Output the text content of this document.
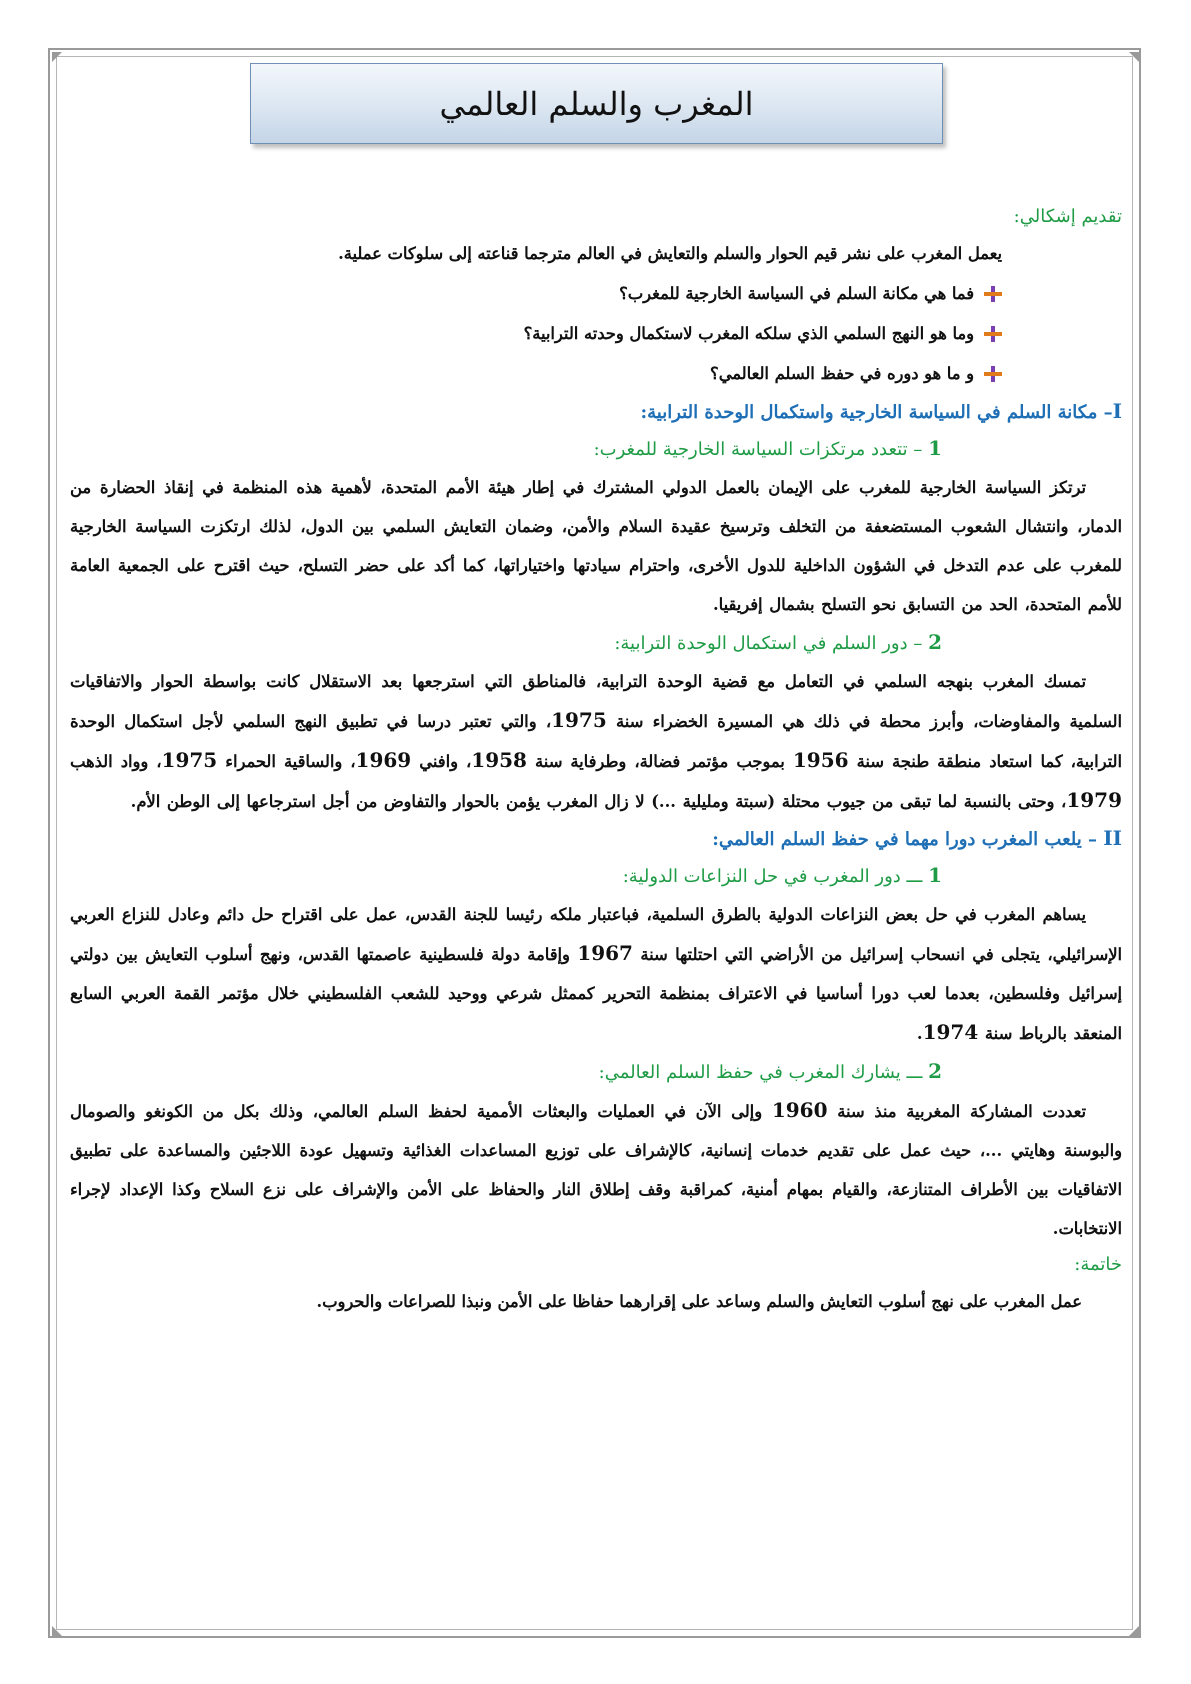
المغرب والسلم العالمي

تقديم إشكالي:

يعمل المغرب على نشر قيم الحوار والسلم والتعايش في العالم مترجما قناعته إلى سلوكات عملية.

فما هي مكانة السلم في السياسة الخارجية للمغرب؟
وما هو النهج السلمي الذي سلكه المغرب لاستكمال وحدته الترابية؟
و ما هو دوره في حفظ السلم العالمي؟

I– مكانة السلم في السياسة الخارجية واستكمال الوحدة الترابية:

1 – تتعدد مرتكزات السياسة الخارجية للمغرب:

ترتكز السياسة الخارجية للمغرب على الإيمان بالعمل الدولي المشترك في إطار هيئة الأمم المتحدة، لأهمية هذه المنظمة في إنقاذ الحضارة من الدمار، وانتشال الشعوب المستضعفة من التخلف وترسيخ عقيدة السلام والأمن، وضمان التعايش السلمي بين الدول، لذلك ارتكزت السياسة الخارجية للمغرب على عدم التدخل في الشؤون الداخلية للدول الأخرى، واحترام سيادتها واختياراتها، كما أكد على حضر التسلح، حيث اقترح على الجمعية العامة للأمم المتحدة، الحد من التسابق نحو التسلح بشمال إفريقيا.

2 – دور السلم في استكمال الوحدة الترابية:

تمسك المغرب بنهجه السلمي في التعامل مع قضية الوحدة الترابية، فالمناطق التي استرجعها بعد الاستقلال كانت بواسطة الحوار والاتفاقيات السلمية والمفاوضات، وأبرز محطة في ذلك هي المسيرة الخضراء سنة 1975، والتي تعتبر درسا في تطبيق النهج السلمي لأجل استكمال الوحدة الترابية، كما استعاد منطقة طنجة سنة 1956 بموجب مؤتمر فضالة، وطرفاية سنة 1958، وافني 1969، والساقية الحمراء 1975، وواد الذهب 1979، وحتى بالنسبة لما تبقى من جيوب محتلة (سبتة ومليلية ...) لا زال المغرب يؤمن بالحوار والتفاوض من أجل استرجاعها إلى الوطن الأم.

II – يلعب المغرب دورا مهما في حفظ السلم العالمي:

1 ـــ دور المغرب في حل النزاعات الدولية:

يساهم المغرب في حل بعض النزاعات الدولية بالطرق السلمية، فباعتبار ملكه رئيسا للجنة القدس، عمل على اقتراح حل دائم وعادل للنزاع العربي الإسرائيلي، يتجلى في انسحاب إسرائيل من الأراضي التي احتلتها سنة 1967 وإقامة دولة فلسطينية عاصمتها القدس، ونهج أسلوب التعايش بين دولتي إسرائيل وفلسطين، بعدما لعب دورا أساسيا في الاعتراف بمنظمة التحرير كممثل شرعي ووحيد للشعب الفلسطيني خلال مؤتمر القمة العربي السابع المنعقد بالرباط سنة 1974.

2 ـــ يشارك المغرب في حفظ السلم العالمي:

تعددت المشاركة المغربية منذ سنة 1960 وإلى الآن في العمليات والبعثات الأممية لحفظ السلم العالمي، وذلك بكل من الكونغو والصومال والبوسنة وهايتي ...، حيث عمل على تقديم خدمات إنسانية، كالإشراف على توزيع المساعدات الغذائية وتسهيل عودة اللاجئين والمساعدة على تطبيق الاتفاقيات بين الأطراف المتنازعة، والقيام بمهام أمنية، كمراقبة وقف إطلاق النار والحفاظ على الأمن والإشراف على نزع السلاح وكذا الإعداد لإجراء الانتخابات.

خاتمة:

عمل المغرب على نهج أسلوب التعايش والسلم وساعد على إقرارهما حفاظا على الأمن ونبذا للصراعات والحروب.
